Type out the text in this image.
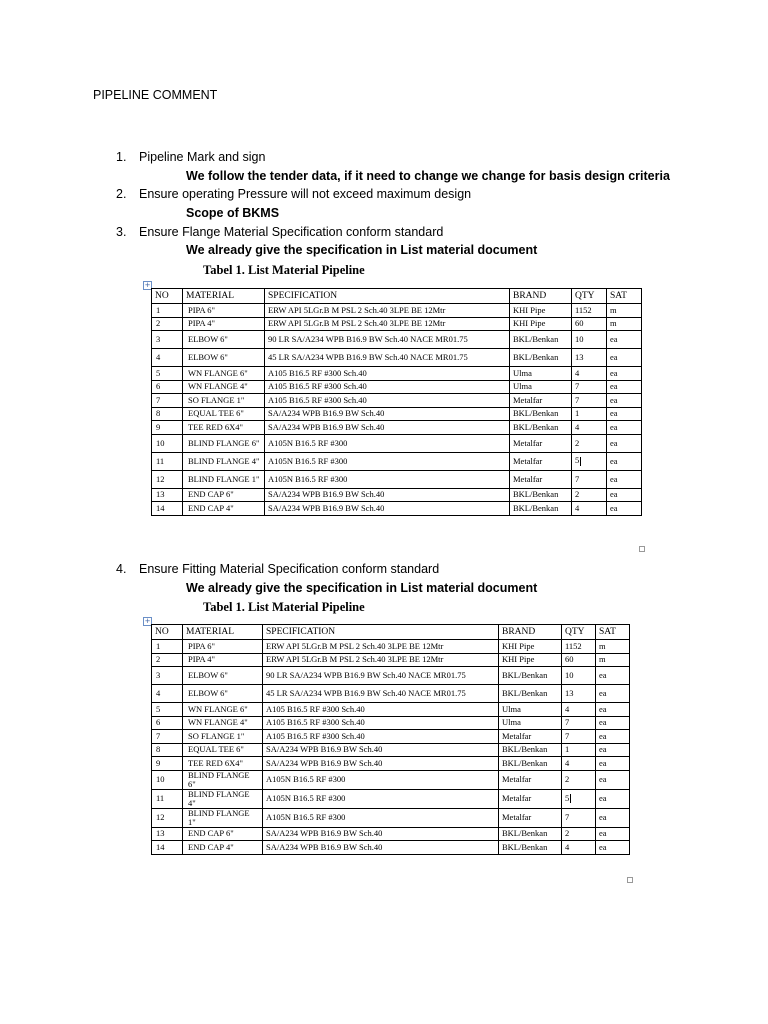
PIPELINE COMMENT
1. Pipeline Mark and sign
We follow the tender data, if it need to change we change for basis design criteria
2. Ensure operating Pressure will not exceed maximum design
Scope of BKMS
3. Ensure Flange Material Specification conform standard
We already give the specification in List material document
Tabel 1. List Material Pipeline
+
NO	MATERIAL	SPECIFICATION	BRAND	QTY	SAT
1	PIPA 6"	ERW API 5LGr.B M PSL 2 Sch.40 3LPE BE 12Mtr	KHI Pipe	1152	m
2	PIPA 4"	ERW API 5LGr.B M PSL 2 Sch.40 3LPE BE 12Mtr	KHI Pipe	60	m
3	ELBOW 6"	90 LR SA/A234 WPB B16.9 BW Sch.40 NACE MR01.75	BKL/Benkan	10	ea
4	ELBOW 6"	45 LR SA/A234 WPB B16.9 BW Sch.40 NACE MR01.75	BKL/Benkan	13	ea
5	WN FLANGE 6"	A105 B16.5 RF #300 Sch.40	Ulma	4	ea
6	WN FLANGE 4"	A105 B16.5 RF #300 Sch.40	Ulma	7	ea
7	SO FLANGE 1"	A105 B16.5 RF #300 Sch.40	Metalfar	7	ea
8	EQUAL TEE 6"	SA/A234 WPB B16.9 BW Sch.40	BKL/Benkan	1	ea
9	TEE RED 6X4"	SA/A234 WPB B16.9 BW Sch.40	BKL/Benkan	4	ea
10	BLIND FLANGE 6"	A105N B16.5 RF #300	Metalfar	2	ea
11	BLIND FLANGE 4"	A105N B16.5 RF #300	Metalfar	5	ea
12	BLIND FLANGE 1"	A105N B16.5 RF #300	Metalfar	7	ea
13	END CAP 6"	SA/A234 WPB B16.9 BW Sch.40	BKL/Benkan	2	ea
14	END CAP 4"	SA/A234 WPB B16.9 BW Sch.40	BKL/Benkan	4	ea
4. Ensure Fitting Material Specification conform standard
We already give the specification in List material document
Tabel 1. List Material Pipeline
+
NO	MATERIAL	SPECIFICATION	BRAND	QTY	SAT
1	PIPA 6"	ERW API 5LGr.B M PSL 2 Sch.40 3LPE BE 12Mtr	KHI Pipe	1152	m
2	PIPA 4"	ERW API 5LGr.B M PSL 2 Sch.40 3LPE BE 12Mtr	KHI Pipe	60	m
3	ELBOW 6"	90 LR SA/A234 WPB B16.9 BW Sch.40 NACE MR01.75	BKL/Benkan	10	ea
4	ELBOW 6"	45 LR SA/A234 WPB B16.9 BW Sch.40 NACE MR01.75	BKL/Benkan	13	ea
5	WN FLANGE 6"	A105 B16.5 RF #300 Sch.40	Ulma	4	ea
6	WN FLANGE 4"	A105 B16.5 RF #300 Sch.40	Ulma	7	ea
7	SO FLANGE 1"	A105 B16.5 RF #300 Sch.40	Metalfar	7	ea
8	EQUAL TEE 6"	SA/A234 WPB B16.9 BW Sch.40	BKL/Benkan	1	ea
9	TEE RED 6X4"	SA/A234 WPB B16.9 BW Sch.40	BKL/Benkan	4	ea
10	BLIND FLANGE 6"	A105N B16.5 RF #300	Metalfar	2	ea
11	BLIND FLANGE 4"	A105N B16.5 RF #300	Metalfar	5	ea
12	BLIND FLANGE 1"	A105N B16.5 RF #300	Metalfar	7	ea
13	END CAP 6"	SA/A234 WPB B16.9 BW Sch.40	BKL/Benkan	2	ea
14	END CAP 4"	SA/A234 WPB B16.9 BW Sch.40	BKL/Benkan	4	ea
